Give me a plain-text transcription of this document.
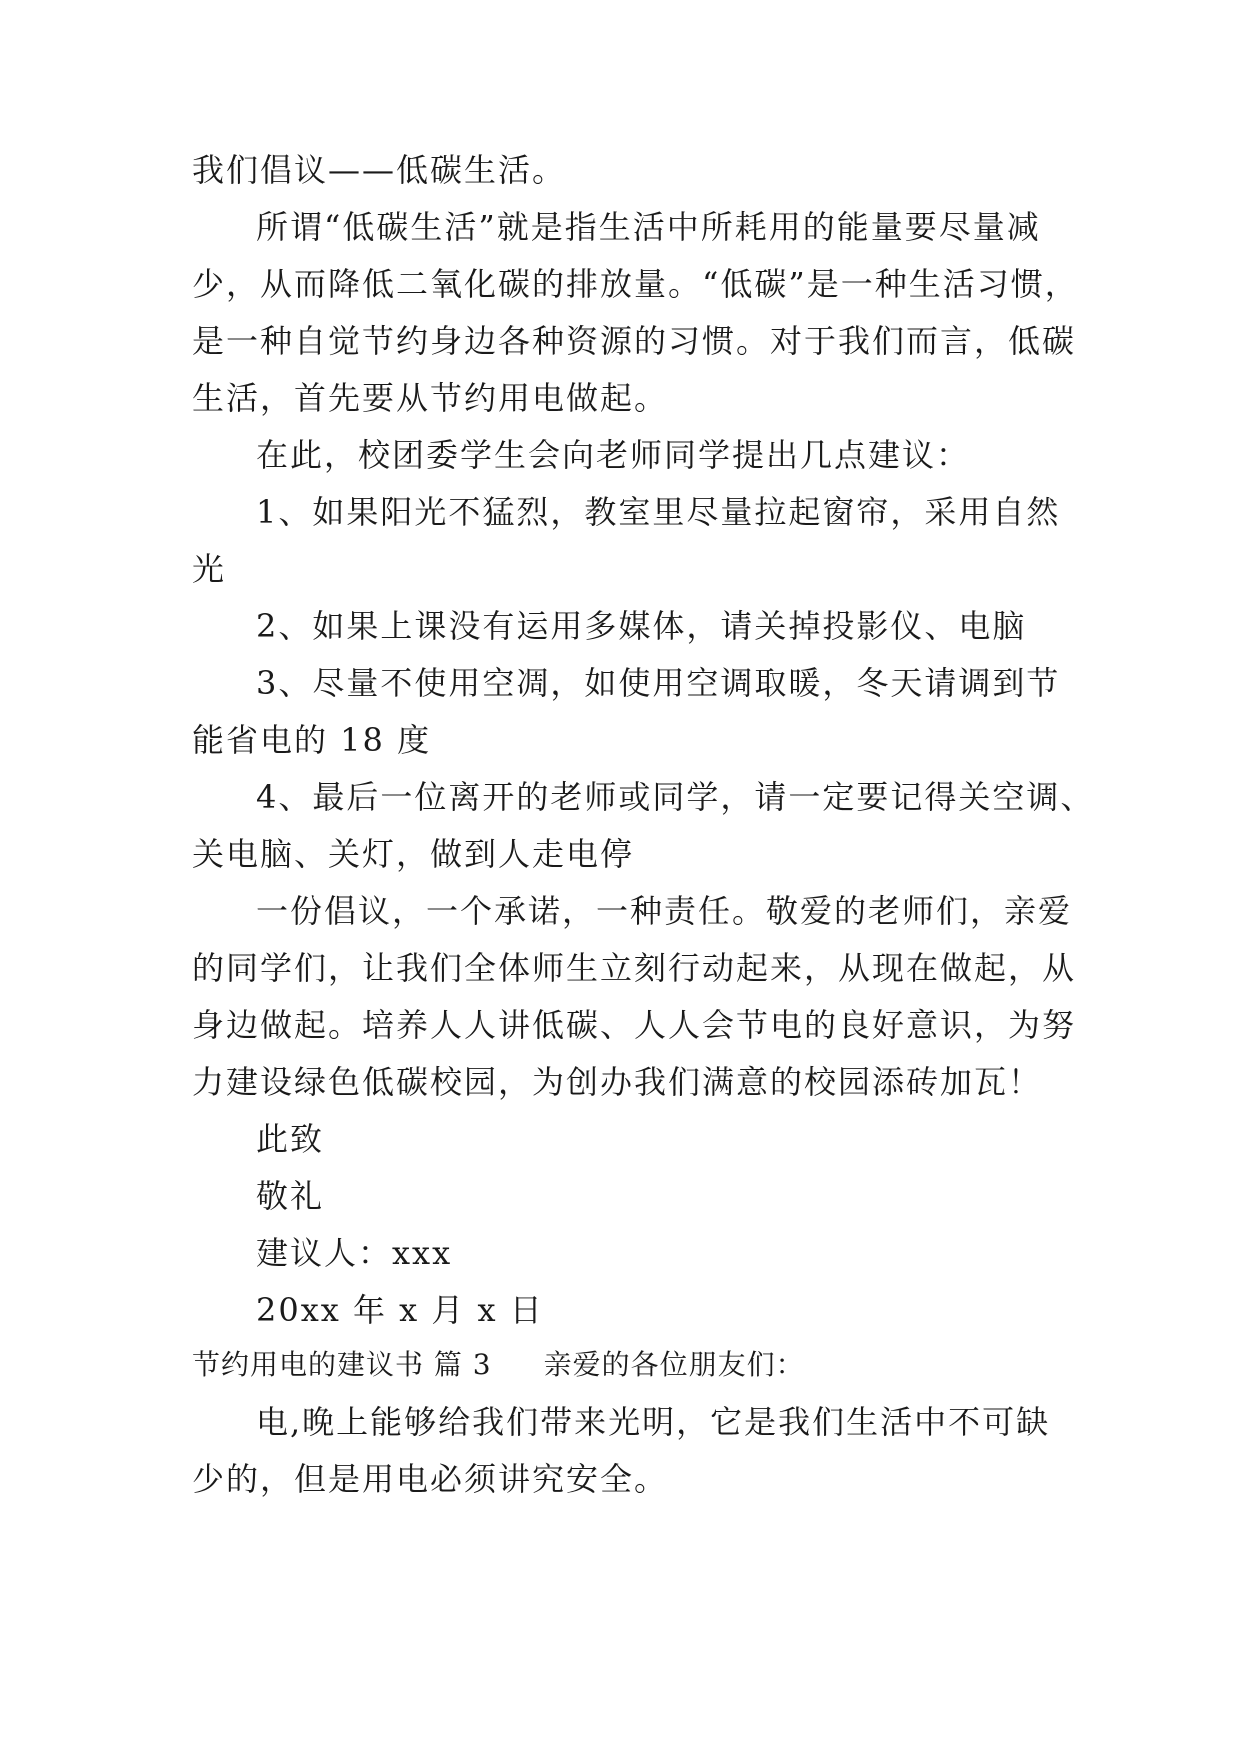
我们倡议——低碳生活。
所谓“低碳生活”就是指生活中所耗用的能量要尽量减
少，从而降低二氧化碳的排放量。“低碳”是一种生活习惯，
是一种自觉节约身边各种资源的习惯。对于我们而言，低碳
生活，首先要从节约用电做起。
在此，校团委学生会向老师同学提出几点建议：
1、如果阳光不猛烈，教室里尽量拉起窗帘，采用自然
光
2、如果上课没有运用多媒体，请关掉投影仪、电脑
3、尽量不使用空凋，如使用空调取暖，冬天请调到节
能省电的 18 度
4、最后一位离开的老师或同学，请一定要记得关空调、
关电脑、关灯，做到人走电停
一份倡议，一个承诺，一种责任。敬爱的老师们，亲爱
的同学们，让我们全体师生立刻行动起来，从现在做起，从
身边做起。培养人人讲低碳、人人会节电的良好意识，为努
力建设绿色低碳校园，为创办我们满意的校园添砖加瓦！
此致
敬礼
建议人：xxx
20xx 年 x 月 x 日
节约用电的建议书 篇 3 亲爱的各位朋友们：
电,晚上能够给我们带来光明，它是我们生活中不可缺
少的，但是用电必须讲究安全。
